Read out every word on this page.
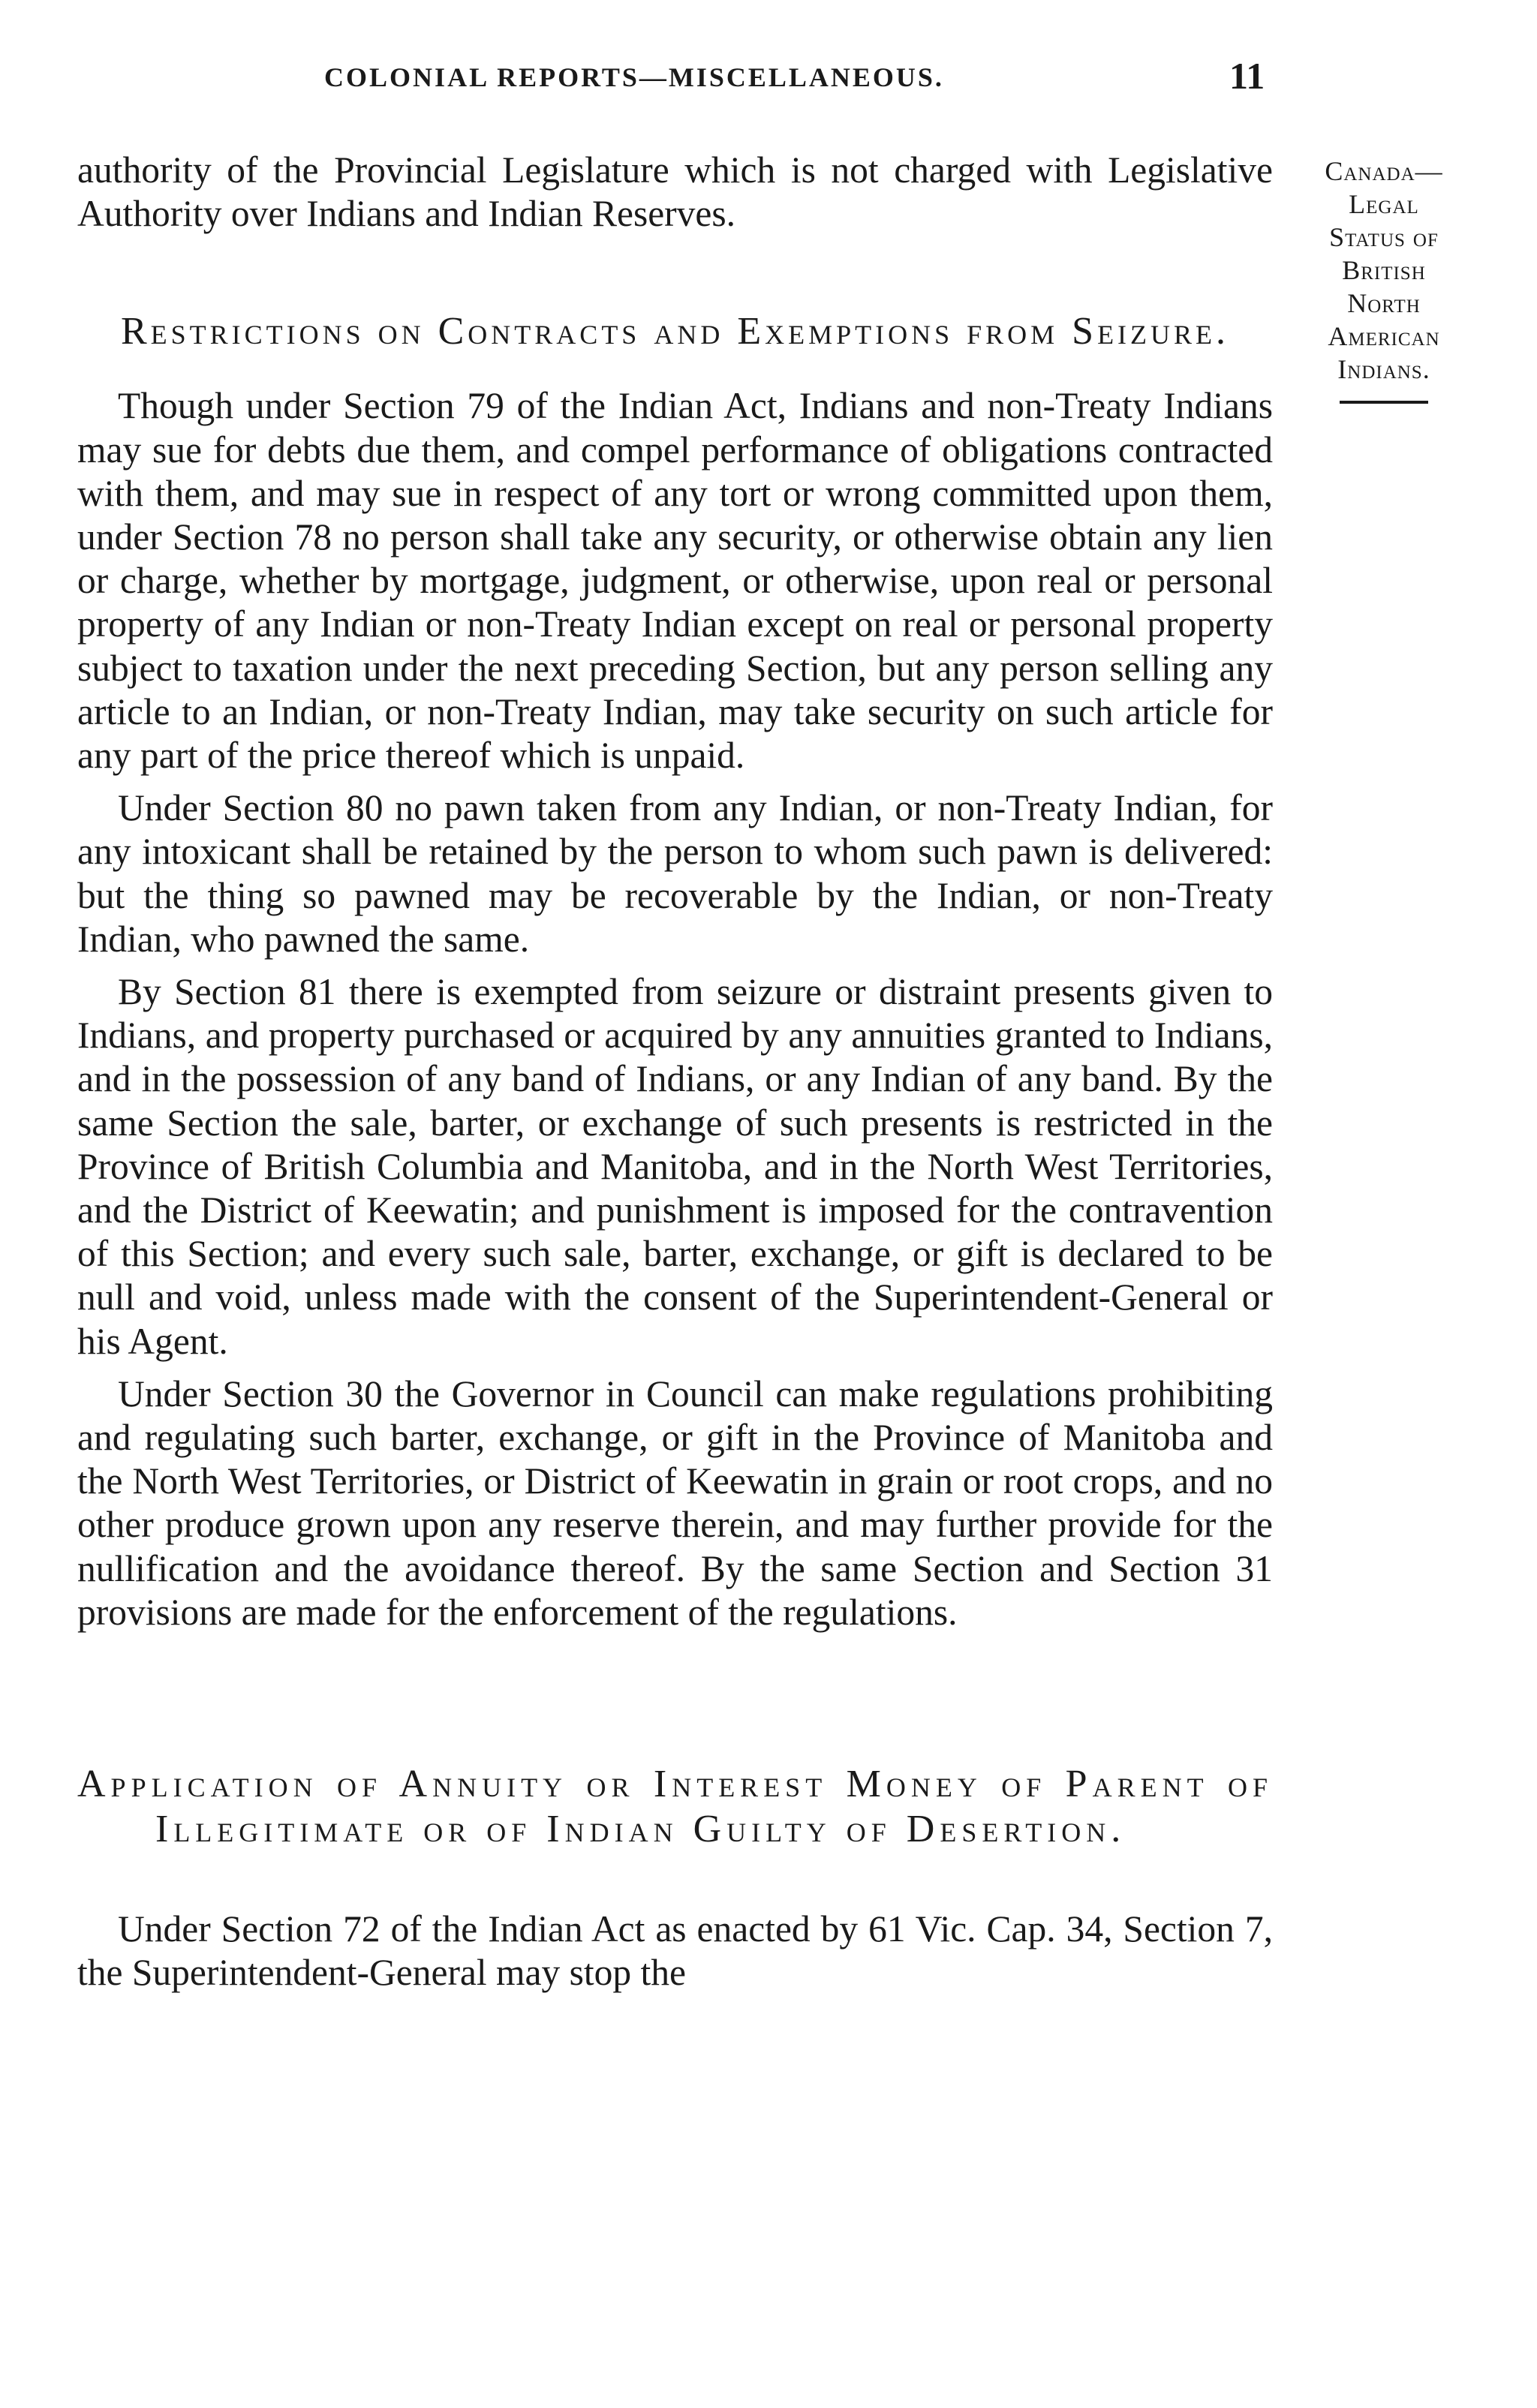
COLONIAL REPORTS—MISCELLANEOUS.	11

authority of the Provincial Legislature which is not charged with Legislative Authority over Indians and Indian Reserves.

Restrictions on Contracts and Exemptions from Seizure.

Though under Section 79 of the Indian Act, Indians and non-Treaty Indians may sue for debts due them, and compel performance of obligations contracted with them, and may sue in respect of any tort or wrong committed upon them, under Section 78 no person shall take any security, or otherwise obtain any lien or charge, whether by mortgage, judgment, or otherwise, upon real or personal property of any Indian or non-Treaty Indian except on real or personal property subject to taxation under the next preceding Section, but any person selling any article to an Indian, or non-Treaty Indian, may take security on such article for any part of the price thereof which is unpaid.

Under Section 80 no pawn taken from any Indian, or non-Treaty Indian, for any intoxicant shall be retained by the person to whom such pawn is delivered: but the thing so pawned may be recoverable by the Indian, or non-Treaty Indian, who pawned the same.

By Section 81 there is exempted from seizure or distraint presents given to Indians, and property purchased or acquired by any annuities granted to Indians, and in the possession of any band of Indians, or any Indian of any band. By the same Section the sale, barter, or exchange of such presents is restricted in the Province of British Columbia and Manitoba, and in the North West Territories, and the District of Keewatin; and punishment is imposed for the contravention of this Section; and every such sale, barter, exchange, or gift is declared to be null and void, unless made with the consent of the Superintendent-General or his Agent.

Under Section 30 the Governor in Council can make regulations prohibiting and regulating such barter, exchange, or gift in the Province of Manitoba and the North West Territories, or District of Keewatin in grain or root crops, and no other produce grown upon any reserve therein, and may further provide for the nullification and the avoidance thereof. By the same Section and Section 31 provisions are made for the enforcement of the regulations.

Application of Annuity or Interest Money of Parent of Illegitimate or of Indian Guilty of Desertion.

Under Section 72 of the Indian Act as enacted by 61 Vic. Cap. 34, Section 7, the Superintendent-General may stop the

Canada—
Legal
Status of
British
North
American
Indians.
